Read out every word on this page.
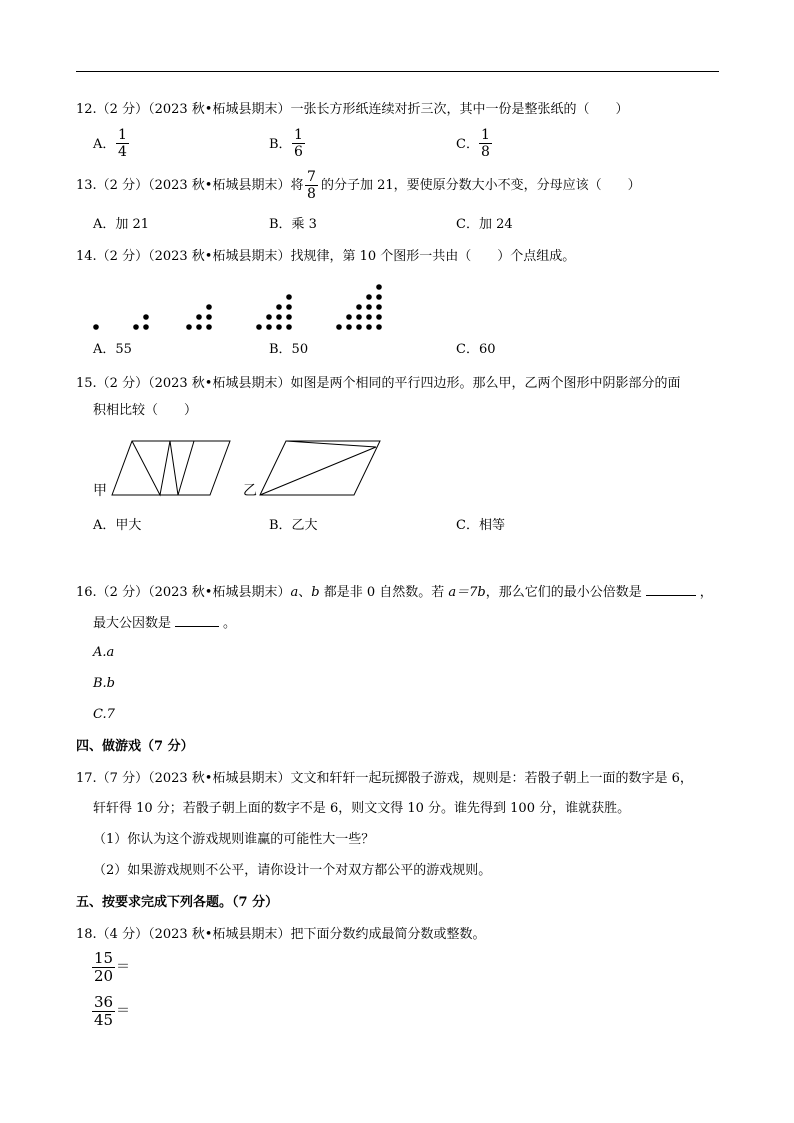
12.（2 分）（2023 秋•柘城县期末）一张长方形纸连续对折三次，其中一份是整张纸的（　　）
A．
1
4	B．
1
6	C．
1
8
13.（2 分）（2023 秋•柘城县期末）将
7
8
的分子加 21，要使原分数大小不变，分母应该（　　）
A．加 21	B．乘 3	C．加 24
14.（2 分）（2023 秋•柘城县期末）找规律，第 10 个图形一共由（　　）个点组成。
A．55	B．50	C．60
15.（2 分）（2023 秋•柘城县期末）如图是两个相同的平行四边形。那么甲，乙两个图形中阴影部分的面
积相比较（　　）
甲	乙
A．甲大	B．乙大	C．相等
16.（2 分）（2023 秋•柘城县期末）a、b 都是非 0 自然数。若 a＝7b，那么它们的最小公倍数是	，
最大公因数是	。
A.a
B.b
C.7
四、做游戏（7 分）
17.（7 分）（2023 秋•柘城县期末）文文和轩轩一起玩掷骰子游戏，规则是：若骰子朝上一面的数字是 6，
轩轩得 10 分；若骰子朝上面的数字不是 6，则文文得 10 分。谁先得到 100 分，谁就获胜。
（1）你认为这个游戏规则谁赢的可能性大一些？
（2）如果游戏规则不公平，请你设计一个对双方都公平的游戏规则。
五、按要求完成下列各题。（7 分）
18.（4 分）（2023 秋•柘城县期末）把下面分数约成最简分数或整数。
15
20 ＝
36
45 ＝
